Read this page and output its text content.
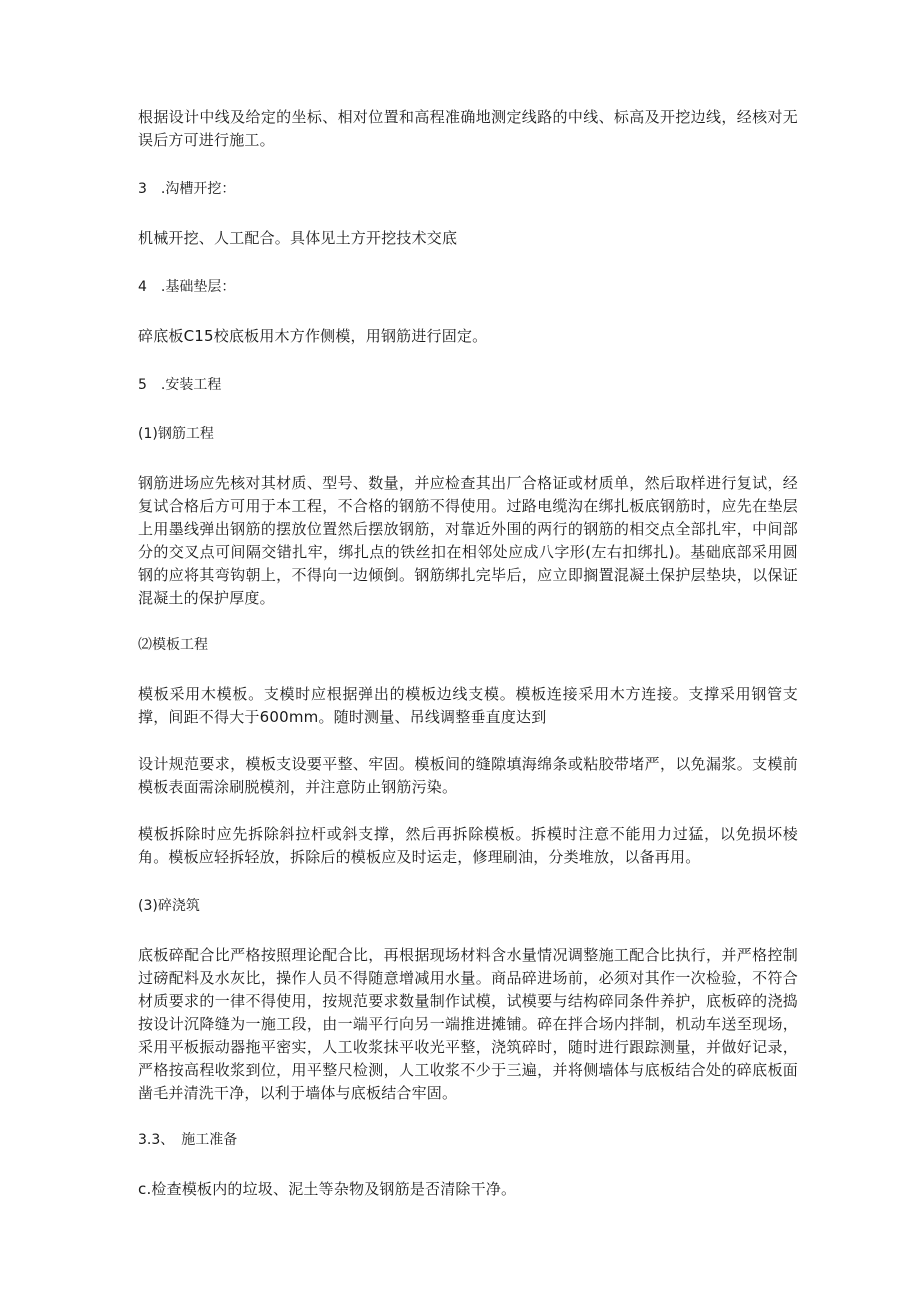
根据设计中线及给定的坐标、相对位置和高程准确地测定线路的中线、标高及开挖边线，经核对无误后方可进行施工。

3　.沟槽开挖：

机械开挖、人工配合。具体见土方开挖技术交底

4　.基础垫层：

碎底板C15校底板用木方作侧模，用钢筋进行固定。

5　.安装工程

(1)钢筋工程

钢筋进场应先核对其材质、型号、数量，并应检查其出厂合格证或材质单，然后取样进行复试，经复试合格后方可用于本工程，不合格的钢筋不得使用。过路电缆沟在绑扎板底钢筋时，应先在垫层上用墨线弹出钢筋的摆放位置然后摆放钢筋，对靠近外围的两行的钢筋的相交点全部扎牢，中间部分的交叉点可间隔交错扎牢，绑扎点的铁丝扣在相邻处应成八字形(左右扣绑扎)。基础底部采用圆钢的应将其弯钩朝上，不得向一边倾倒。钢筋绑扎完毕后，应立即搁置混凝土保护层垫块，以保证混凝土的保护厚度。

⑵模板工程

模板采用木模板。支模时应根据弹出的模板边线支模。模板连接采用木方连接。支撑采用钢管支撑，间距不得大于600mm。随时测量、吊线调整垂直度达到

设计规范要求，模板支设要平整、牢固。模板间的缝隙填海绵条或粘胶带堵严，以免漏浆。支模前模板表面需涂刷脱模剂，并注意防止钢筋污染。

模板拆除时应先拆除斜拉杆或斜支撑，然后再拆除模板。拆模时注意不能用力过猛，以免损坏棱角。模板应轻拆轻放，拆除后的模板应及时运走，修理刷油，分类堆放，以备再用。

(3)碎浇筑

底板碎配合比严格按照理论配合比，再根据现场材料含水量情况调整施工配合比执行，并严格控制过磅配料及水灰比，操作人员不得随意增减用水量。商品碎进场前，必须对其作一次检验，不符合材质要求的一律不得使用，按规范要求数量制作试模，试模要与结构碎同条件养护，底板碎的浇捣按设计沉降缝为一施工段，由一端平行向另一端推进摊铺。碎在拌合场内拌制，机动车送至现场，采用平板振动器拖平密实，人工收浆抹平收光平整，浇筑碎时，随时进行跟踪测量，并做好记录，严格按高程收浆到位，用平整尺检测，人工收浆不少于三遍，并将侧墙体与底板结合处的碎底板面凿毛并清洗干净，以利于墙体与底板结合牢固。

3.3、　施工准备

c.检查模板内的垃圾、泥土等杂物及钢筋是否清除干净。
